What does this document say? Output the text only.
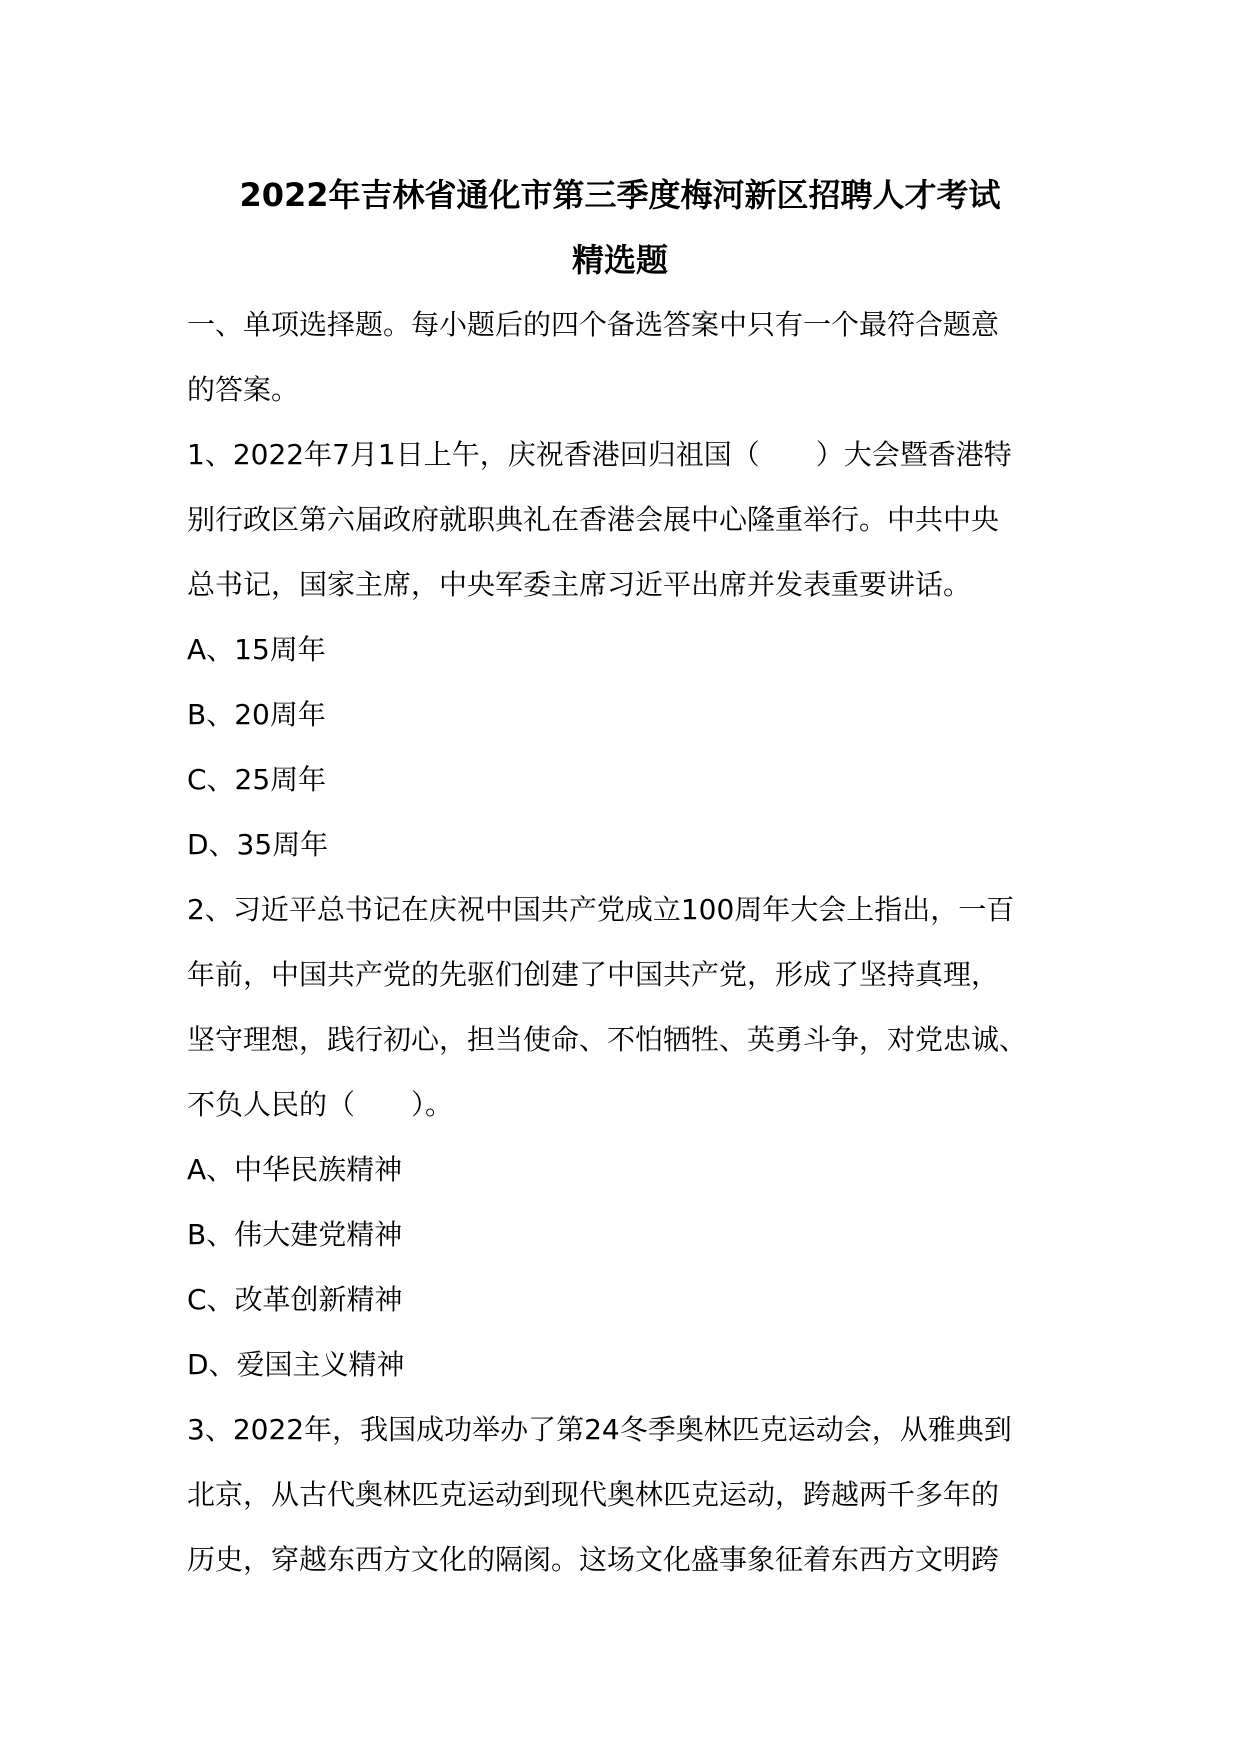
2022年吉林省通化市第三季度梅河新区招聘人才考试
精选题
一、单项选择题。每小题后的四个备选答案中只有一个最符合题意
的答案。
1、2022年7月1日上午，庆祝香港回归祖国（　　）大会暨香港特
别行政区第六届政府就职典礼在香港会展中心隆重举行。中共中央
总书记，国家主席，中央军委主席习近平出席并发表重要讲话。
A、15周年
B、20周年
C、25周年
D、35周年
2、习近平总书记在庆祝中国共产党成立100周年大会上指出，一百
年前，中国共产党的先驱们创建了中国共产党，形成了坚持真理，
坚守理想，践行初心，担当使命、不怕牺牲、英勇斗争，对党忠诚、
不负人民的（　　）。
A、中华民族精神
B、伟大建党精神
C、改革创新精神
D、爱国主义精神
3、2022年，我国成功举办了第24冬季奥林匹克运动会，从雅典到
北京，从古代奥林匹克运动到现代奥林匹克运动，跨越两千多年的
历史，穿越东西方文化的隔阂。这场文化盛事象征着东西方文明跨
